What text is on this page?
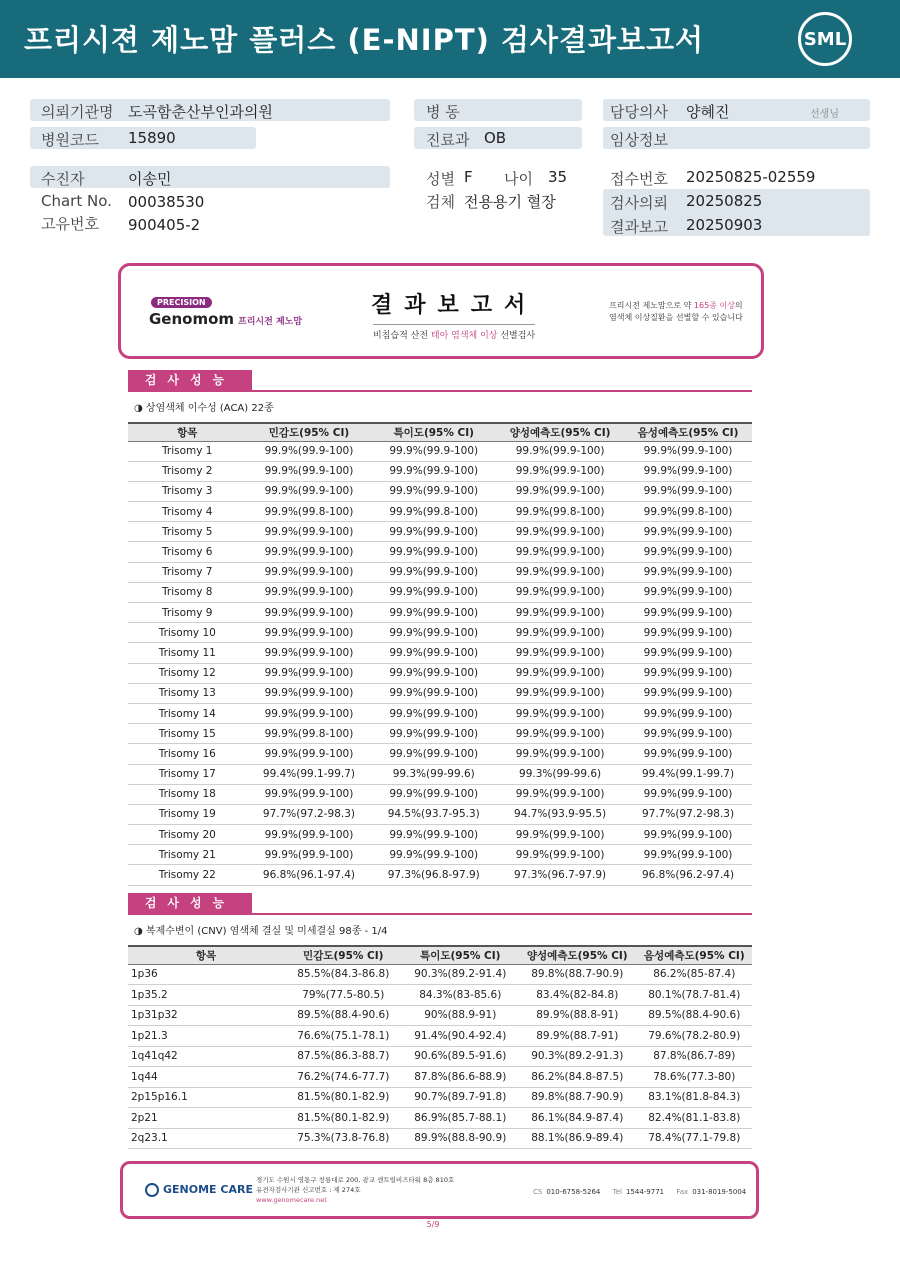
프리시젼 제노맘 플러스 (E-NIPT) 검사결과보고서	SML
의뢰기관명 도곡함춘산부인과의원
병원코드 15890
병 동
진료과 OB
담당의사 양혜진	선생님
임상정보
수진자	이송민
Chart No. 00038530
고유번호 900405-2
성별 F 나이 35
검체 전용용기 혈장
접수번호 20250825-02559
검사의뢰 20250825
결과보고 20250903
PRECISION
Genomom 프리시전 제노맘
결과보고서
비침습적 산전 태아 염색체 이상 선별검사
프리시전 제노맘으로 약 165종 이상의
염색체 이상질환을 선별할 수 있습니다
검사성능
◑ 상염색체 이수성 (ACA) 22종
항목	민감도(95% CI)	특이도(95% CI)	양성예측도(95% CI)	음성예측도(95% CI)
Trisomy 1	99.9%(99.9-100)	99.9%(99.9-100)	99.9%(99.9-100)	99.9%(99.9-100)
Trisomy 2	99.9%(99.9-100)	99.9%(99.9-100)	99.9%(99.9-100)	99.9%(99.9-100)
Trisomy 3	99.9%(99.9-100)	99.9%(99.9-100)	99.9%(99.9-100)	99.9%(99.9-100)
Trisomy 4	99.9%(99.8-100)	99.9%(99.8-100)	99.9%(99.8-100)	99.9%(99.8-100)
Trisomy 5	99.9%(99.9-100)	99.9%(99.9-100)	99.9%(99.9-100)	99.9%(99.9-100)
Trisomy 6	99.9%(99.9-100)	99.9%(99.9-100)	99.9%(99.9-100)	99.9%(99.9-100)
Trisomy 7	99.9%(99.9-100)	99.9%(99.9-100)	99.9%(99.9-100)	99.9%(99.9-100)
Trisomy 8	99.9%(99.9-100)	99.9%(99.9-100)	99.9%(99.9-100)	99.9%(99.9-100)
Trisomy 9	99.9%(99.9-100)	99.9%(99.9-100)	99.9%(99.9-100)	99.9%(99.9-100)
Trisomy 10	99.9%(99.9-100)	99.9%(99.9-100)	99.9%(99.9-100)	99.9%(99.9-100)
Trisomy 11	99.9%(99.9-100)	99.9%(99.9-100)	99.9%(99.9-100)	99.9%(99.9-100)
Trisomy 12	99.9%(99.9-100)	99.9%(99.9-100)	99.9%(99.9-100)	99.9%(99.9-100)
Trisomy 13	99.9%(99.9-100)	99.9%(99.9-100)	99.9%(99.9-100)	99.9%(99.9-100)
Trisomy 14	99.9%(99.9-100)	99.9%(99.9-100)	99.9%(99.9-100)	99.9%(99.9-100)
Trisomy 15	99.9%(99.8-100)	99.9%(99.9-100)	99.9%(99.9-100)	99.9%(99.9-100)
Trisomy 16	99.9%(99.9-100)	99.9%(99.9-100)	99.9%(99.9-100)	99.9%(99.9-100)
Trisomy 17	99.4%(99.1-99.7)	99.3%(99-99.6)	99.3%(99-99.6)	99.4%(99.1-99.7)
Trisomy 18	99.9%(99.9-100)	99.9%(99.9-100)	99.9%(99.9-100)	99.9%(99.9-100)
Trisomy 19	97.7%(97.2-98.3)	94.5%(93.7-95.3)	94.7%(93.9-95.5)	97.7%(97.2-98.3)
Trisomy 20	99.9%(99.9-100)	99.9%(99.9-100)	99.9%(99.9-100)	99.9%(99.9-100)
Trisomy 21	99.9%(99.9-100)	99.9%(99.9-100)	99.9%(99.9-100)	99.9%(99.9-100)
Trisomy 22	96.8%(96.1-97.4)	97.3%(96.8-97.9)	97.3%(96.7-97.9)	96.8%(96.2-97.4)
검사성능
◑ 복제수변이 (CNV) 염색체 결실 및 미세결실 98종 - 1/4
항목	민감도(95% CI)	특이도(95% CI)	양성예측도(95% CI)	음성예측도(95% CI)
1p36	85.5%(84.3-86.8)	90.3%(89.2-91.4)	89.8%(88.7-90.9)	86.2%(85-87.4)
1p35.2	79%(77.5-80.5)	84.3%(83-85.6)	83.4%(82-84.8)	80.1%(78.7-81.4)
1p31p32	89.5%(88.4-90.6)	90%(88.9-91)	89.9%(88.8-91)	89.5%(88.4-90.6)
1p21.3	76.6%(75.1-78.1)	91.4%(90.4-92.4)	89.9%(88.7-91)	79.6%(78.2-80.9)
1q41q42	87.5%(86.3-88.7)	90.6%(89.5-91.6)	90.3%(89.2-91.3)	87.8%(86.7-89)
1q44	76.2%(74.6-77.7)	87.8%(86.6-88.9)	86.2%(84.8-87.5)	78.6%(77.3-80)
2p15p16.1	81.5%(80.1-82.9)	90.7%(89.7-91.8)	89.8%(88.7-90.9)	83.1%(81.8-84.3)
2p21	81.5%(80.1-82.9)	86.9%(85.7-88.1)	86.1%(84.9-87.4)	82.4%(81.1-83.8)
2q23.1	75.3%(73.8-76.8)	89.9%(88.8-90.9)	88.1%(86.9-89.4)	78.4%(77.1-79.8)
GENOME CARE
경기도 수원시 영통구 창룡대로 200, 광교 센트럴비즈타워 8층 810호
유전자검사기관 신고번호 : 제 274호
www.genomecare.net
CS 010-6758-5264 Tel 1544-9771 Fax 031-8019-5004
5/9
